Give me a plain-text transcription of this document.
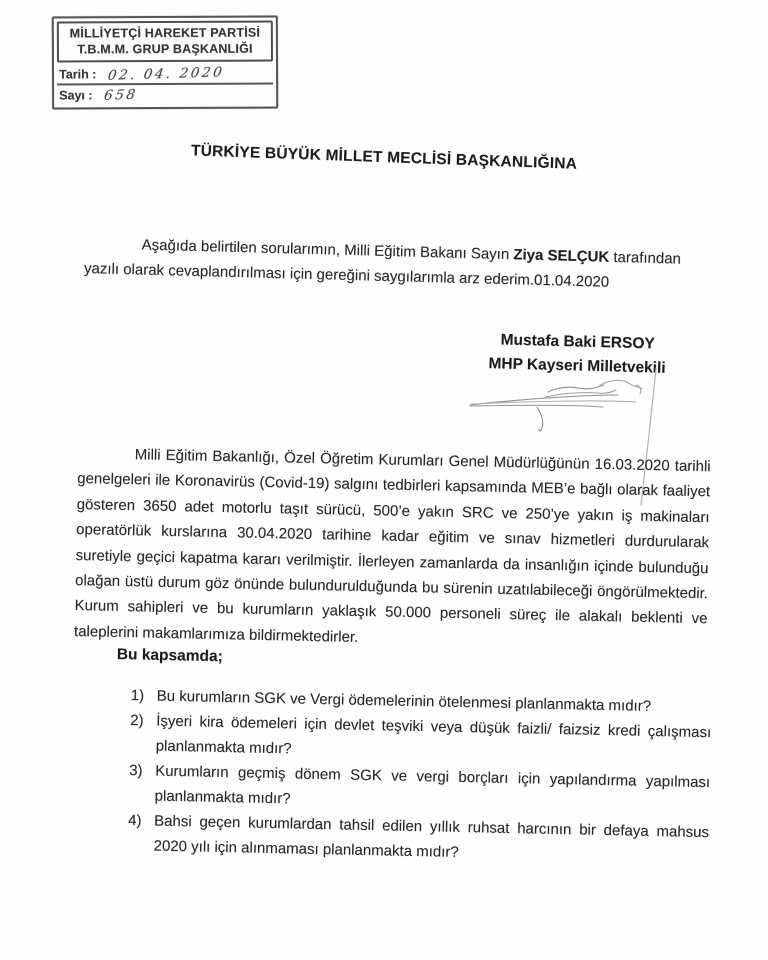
MİLLİYETÇİ HAREKET PARTİSİ
T.B.M.M. GRUP BAŞKANLIĞI
Tarih : 02. 04. 2020
Sayı : 658
TÜRKİYE BÜYÜK MİLLET MECLİSİ BAŞKANLIĞINA

Aşağıda belirtilen sorularımın, Milli Eğitim Bakanı Sayın Ziya SELÇUK tarafından yazılı olarak cevaplandırılması için gereğini saygılarımla arz ederim.01.04.2020

Mustafa Baki ERSOY
MHP Kayseri Milletvekili

Milli Eğitim Bakanlığı, Özel Öğretim Kurumları Genel Müdürlüğünün 16.03.2020 tarihli genelgeleri ile Koronavirüs (Covid-19) salgını tedbirleri kapsamında MEB’e bağlı olarak faaliyet gösteren 3650 adet motorlu taşıt sürücü, 500’e yakın SRC ve 250’ye yakın iş makinaları operatörlük kurslarına 30.04.2020 tarihine kadar eğitim ve sınav hizmetleri durdurularak suretiyle geçici kapatma kararı verilmiştir. İlerleyen zamanlarda da insanlığın içinde bulunduğu olağan üstü durum göz önünde bulundurulduğunda bu sürenin uzatılabileceği öngörülmektedir. Kurum sahipleri ve bu kurumların yaklaşık 50.000 personeli süreç ile alakalı beklenti ve taleplerini makamlarımıza bildirmektedirler.

Bu kapsamda;

1) Bu kurumların SGK ve Vergi ödemelerinin ötelenmesi planlanmakta mıdır?
2) İşyeri kira ödemeleri için devlet teşviki veya düşük faizli/ faizsiz kredi çalışması planlanmakta mıdır?
3) Kurumların geçmiş dönem SGK ve vergi borçları için yapılandırma yapılması planlanmakta mıdır?
4) Bahsi geçen kurumlardan tahsil edilen yıllık ruhsat harcının bir defaya mahsus 2020 yılı için alınmaması planlanmakta mıdır?
